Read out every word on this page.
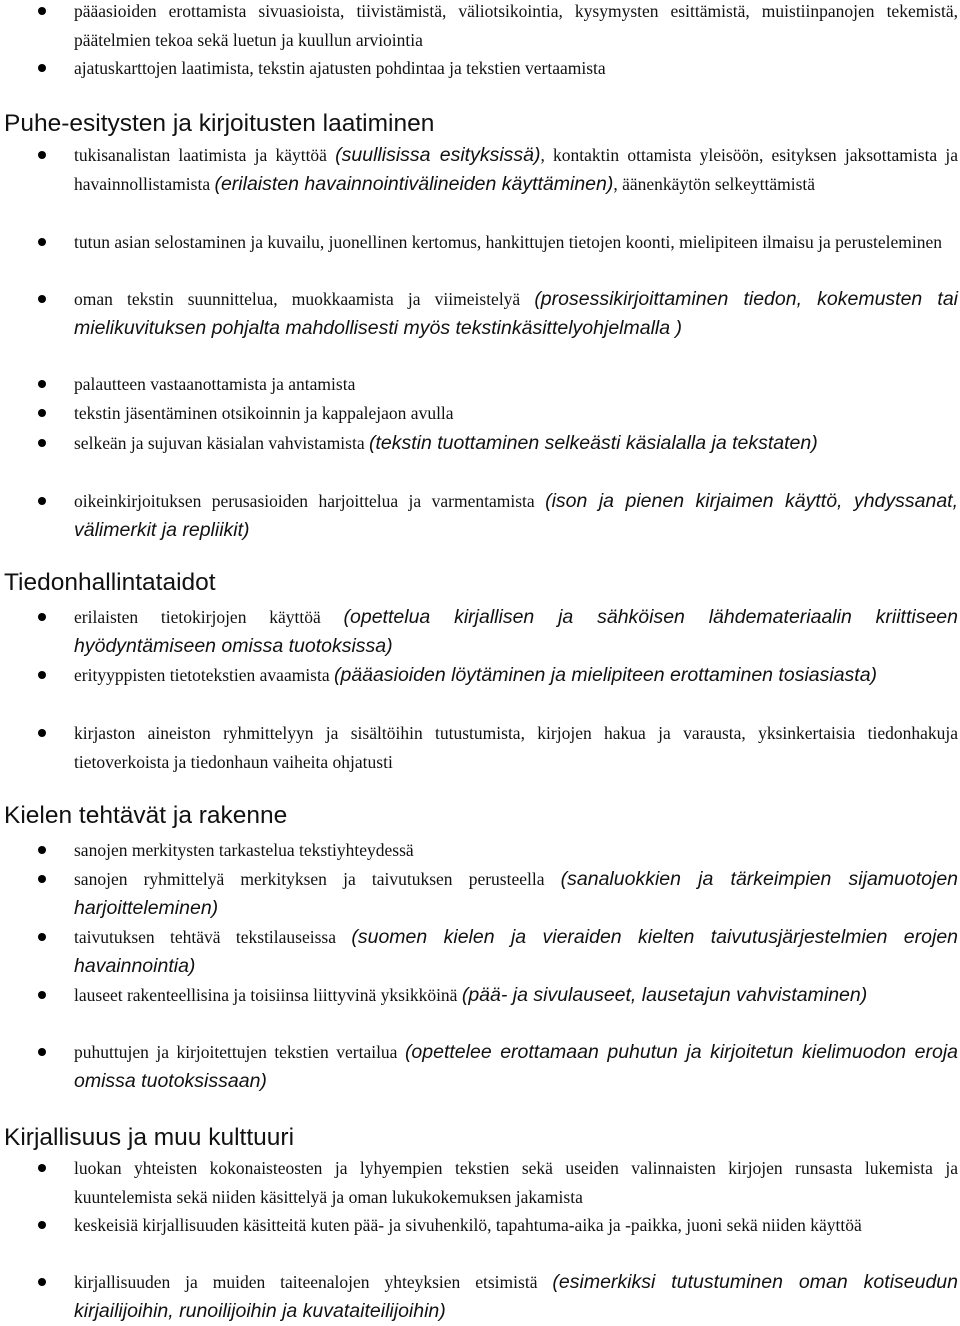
pääasioiden erottamista sivuasioista, tiivistämistä, väliotsikointia, kysymysten esittämistä, muistiinpanojen tekemistä, päätelmien tekoa sekä luetun ja kuullun arviointia
ajatuskarttojen laatimista, tekstin ajatusten pohdintaa ja tekstien vertaamista
Puhe-esitysten ja kirjoitusten laatiminen
tukisanalistan laatimista ja käyttöä (suullisissa esityksissä), kontaktin ottamista yleisöön, esityksen jaksottamista ja havainnollistamista (erilaisten havainnointivälineiden käyttäminen), äänenkäytön selkeyttämistä
tutun asian selostaminen ja kuvailu, juonellinen kertomus, hankittujen tietojen koonti, mielipiteen ilmaisu ja perusteleminen
oman tekstin suunnittelua, muokkaamista ja viimeistelyä (prosessikirjoittaminen tiedon, kokemusten tai mielikuvituksen pohjalta mahdollisesti myös tekstinkäsittelyohjelmalla )
palautteen vastaanottamista ja antamista
tekstin jäsentäminen otsikoinnin ja kappalejaon avulla
selkeän ja sujuvan käsialan vahvistamista (tekstin tuottaminen selkeästi käsialalla ja tekstaten)
oikeinkirjoituksen perusasioiden harjoittelua ja varmentamista (ison ja pienen kirjaimen käyttö, yhdyssanat, välimerkit ja repliikit)
Tiedonhallintataidot
erilaisten tietokirjojen käyttöä (opettelua kirjallisen ja sähköisen lähdemateriaalin kriittiseen hyödyntämiseen omissa tuotoksissa)
erityyppisten tietotekstien avaamista (pääasioiden löytäminen ja mielipiteen erottaminen tosiasiasta)
kirjaston aineiston ryhmittelyyn ja sisältöihin tutustumista, kirjojen hakua ja varausta, yksinkertaisia tiedonhakuja tietoverkoista ja tiedonhaun vaiheita ohjatusti
Kielen tehtävät ja rakenne
sanojen merkitysten tarkastelua tekstiyhteydessä
sanojen ryhmittelyä merkityksen ja taivutuksen perusteella (sanaluokkien ja tärkeimpien sijamuotojen harjoitteleminen)
taivutuksen tehtävä tekstilauseissa (suomen kielen ja vieraiden kielten taivutusjärjestelmien erojen havainnointia)
lauseet rakenteellisina ja toisiinsa liittyvinä yksikköinä (pää- ja sivulauseet, lausetajun vahvistaminen)
puhuttujen ja kirjoitettujen tekstien vertailua (opettelee erottamaan puhutun ja kirjoitetun kielimuodon eroja omissa tuotoksissaan)
Kirjallisuus ja muu kulttuuri
luokan yhteisten kokonaisteosten ja lyhyempien tekstien sekä useiden valinnaisten kirjojen runsasta lukemista ja kuuntelemista sekä niiden käsittelyä ja oman lukukokemuksen jakamista
keskeisiä kirjallisuuden käsitteitä kuten pää- ja sivuhenkilö, tapahtuma-aika ja -paikka, juoni sekä niiden käyttöä
kirjallisuuden ja muiden taiteenalojen yhteyksien etsimistä (esimerkiksi tutustuminen oman kotiseudun kirjailijoihin, runoilijoihin ja kuvataiteilijoihin)
